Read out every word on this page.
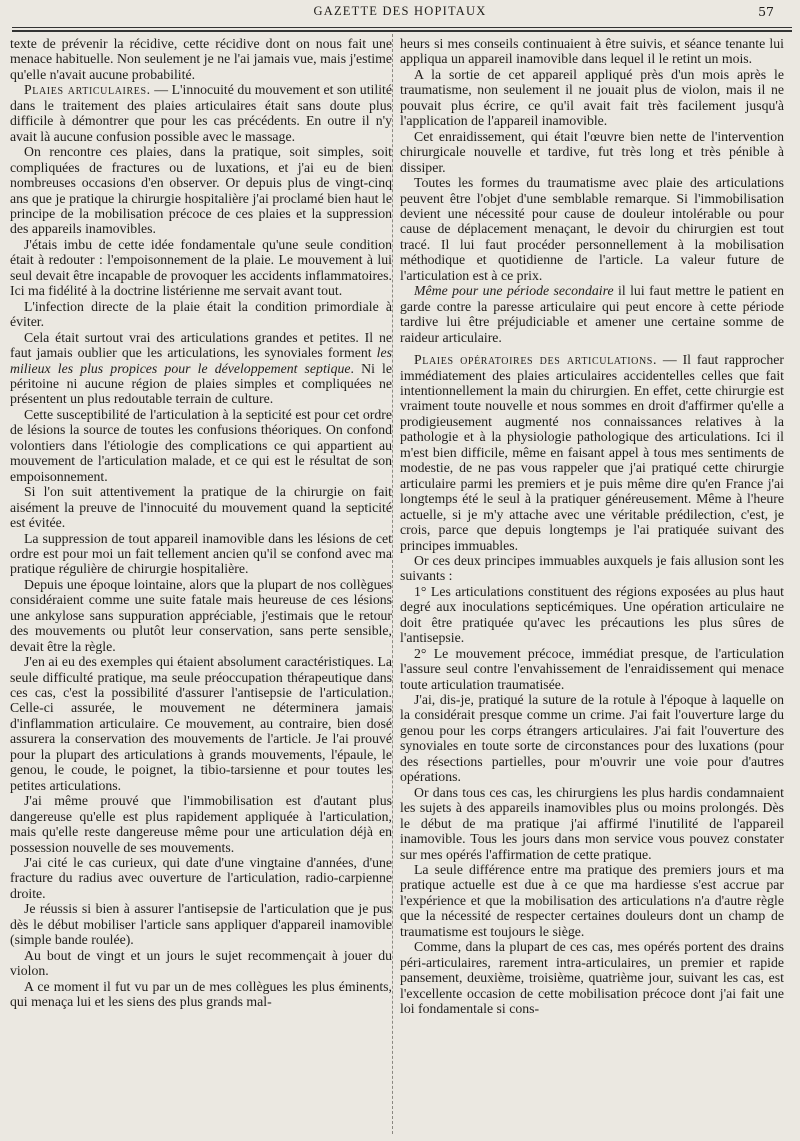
GAZETTE DES HOPITAUX	57

texte de prévenir la récidive, cette récidive dont on nous fait une menace habituelle. Non seulement je ne l'ai jamais vue, mais j'estime qu'elle n'avait aucune probabilité.

Plaies articulaires. — L'innocuité du mouvement et son utilité dans le traitement des plaies articulaires était sans doute plus difficile à démontrer que pour les cas précédents. En outre il n'y avait là aucune confusion possible avec le massage.

On rencontre ces plaies, dans la pratique, soit simples, soit compliquées de fractures ou de luxations, et j'ai eu de bien nombreuses occasions d'en observer. Or depuis plus de vingt-cinq ans que je pratique la chirurgie hospitalière j'ai proclamé bien haut le principe de la mobilisation précoce de ces plaies et la suppression des appareils inamovibles.

J'étais imbu de cette idée fondamentale qu'une seule condition était à redouter : l'empoisonnement de la plaie. Le mouvement à lui seul devait être incapable de provoquer les accidents inflammatoires. Ici ma fidélité à la doctrine listérienne me servait avant tout.

L'infection directe de la plaie était la condition primordiale à éviter.

Cela était surtout vrai des articulations grandes et petites. Il ne faut jamais oublier que les articulations, les synoviales forment les milieux les plus propices pour le développement septique. Ni le péritoine ni aucune région de plaies simples et compliquées ne présentent un plus redoutable terrain de culture.

Cette susceptibilité de l'articulation à la septicité est pour cet ordre de lésions la source de toutes les confusions théoriques. On confond volontiers dans l'étiologie des complications ce qui appartient au mouvement de l'articulation malade, et ce qui est le résultat de son empoisonnement.

Si l'on suit attentivement la pratique de la chirurgie on fait aisément la preuve de l'innocuité du mouvement quand la septicité est évitée.

La suppression de tout appareil inamovible dans les lésions de cet ordre est pour moi un fait tellement ancien qu'il se confond avec ma pratique régulière de chirurgie hospitalière.

Depuis une époque lointaine, alors que la plupart de nos collègues considéraient comme une suite fatale mais heureuse de ces lésions une ankylose sans suppuration appréciable, j'estimais que le retour des mouvements ou plutôt leur conservation, sans perte sensible, devait être la règle.

J'en ai eu des exemples qui étaient absolument caractéristiques. La seule difficulté pratique, ma seule préoccupation thérapeutique dans ces cas, c'est la possibilité d'assurer l'antisepsie de l'articulation. Celle-ci assurée, le mouvement ne déterminera jamais d'inflammation articulaire. Ce mouvement, au contraire, bien dosé assurera la conservation des mouvements de l'article. Je l'ai prouvé pour la plupart des articulations à grands mouvements, l'épaule, le genou, le coude, le poignet, la tibio-tarsienne et pour toutes les petites articulations.

J'ai même prouvé que l'immobilisation est d'autant plus dangereuse qu'elle est plus rapidement appliquée à l'articulation, mais qu'elle reste dangereuse même pour une articulation déjà en possession nouvelle de ses mouvements.

J'ai cité le cas curieux, qui date d'une vingtaine d'années, d'une fracture du radius avec ouverture de l'articulation, radio-carpienne droite.

Je réussis si bien à assurer l'antisepsie de l'articulation que je pus dès le début mobiliser l'article sans appliquer d'appareil inamovible (simple bande roulée).

Au bout de vingt et un jours le sujet recommençait à jouer du violon.

A ce moment il fut vu par un de mes collègues les plus éminents, qui menaça lui et les siens des plus grands mal-

heurs si mes conseils continuaient à être suivis, et séance tenante lui appliqua un appareil inamovible dans lequel il le retint un mois.

A la sortie de cet appareil appliqué près d'un mois après le traumatisme, non seulement il ne jouait plus de violon, mais il ne pouvait plus écrire, ce qu'il avait fait très facilement jusqu'à l'application de l'appareil inamovible.

Cet enraidissement, qui était l'œuvre bien nette de l'intervention chirurgicale nouvelle et tardive, fut très long et très pénible à dissiper.

Toutes les formes du traumatisme avec plaie des articulations peuvent être l'objet d'une semblable remarque. Si l'immobilisation devient une nécessité pour cause de douleur intolérable ou pour cause de déplacement menaçant, le devoir du chirurgien est tout tracé. Il lui faut procéder personnellement à la mobilisation méthodique et quotidienne de l'article. La valeur future de l'articulation est à ce prix.

Même pour une période secondaire il lui faut mettre le patient en garde contre la paresse articulaire qui peut encore à cette période tardive lui être préjudiciable et amener une certaine somme de raideur articulaire.

Plaies opératoires des articulations. — Il faut rapprocher immédiatement des plaies articulaires accidentelles celles que fait intentionnellement la main du chirurgien. En effet, cette chirurgie est vraiment toute nouvelle et nous sommes en droit d'affirmer qu'elle a prodigieusement augmenté nos connaissances relatives à la pathologie et à la physiologie pathologique des articulations. Ici il m'est bien difficile, même en faisant appel à tous mes sentiments de modestie, de ne pas vous rappeler que j'ai pratiqué cette chirurgie articulaire parmi les premiers et je puis même dire qu'en France j'ai longtemps été le seul à la pratiquer généreusement. Même à l'heure actuelle, si je m'y attache avec une véritable prédilection, c'est, je crois, parce que depuis longtemps je l'ai pratiquée suivant des principes immuables.

Or ces deux principes immuables auxquels je fais allusion sont les suivants :

1° Les articulations constituent des régions exposées au plus haut degré aux inoculations septicémiques. Une opération articulaire ne doit être pratiquée qu'avec les précautions les plus sûres de l'antisepsie.

2° Le mouvement précoce, immédiat presque, de l'articulation l'assure seul contre l'envahissement de l'enraidissement qui menace toute articulation traumatisée.

J'ai, dis-je, pratiqué la suture de la rotule à l'époque à laquelle on la considérait presque comme un crime. J'ai fait l'ouverture large du genou pour les corps étrangers articulaires. J'ai fait l'ouverture des synoviales en toute sorte de circonstances pour des luxations (pour des résections partielles, pour m'ouvrir une voie pour d'autres opérations.

Or dans tous ces cas, les chirurgiens les plus hardis condamnaient les sujets à des appareils inamovibles plus ou moins prolongés. Dès le début de ma pratique j'ai affirmé l'inutilité de l'appareil inamovible. Tous les jours dans mon service vous pouvez constater sur mes opérés l'affirmation de cette pratique.

La seule différence entre ma pratique des premiers jours et ma pratique actuelle est due à ce que ma hardiesse s'est accrue par l'expérience et que la mobilisation des articulations n'a d'autre règle que la nécessité de respecter certaines douleurs dont un champ de traumatisme est toujours le siège.

Comme, dans la plupart de ces cas, mes opérés portent des drains péri-articulaires, rarement intra-articulaires, un premier et rapide pansement, deuxième, troisième, quatrième jour, suivant les cas, est l'excellente occasion de cette mobilisation précoce dont j'ai fait une loi fondamentale si cons-
